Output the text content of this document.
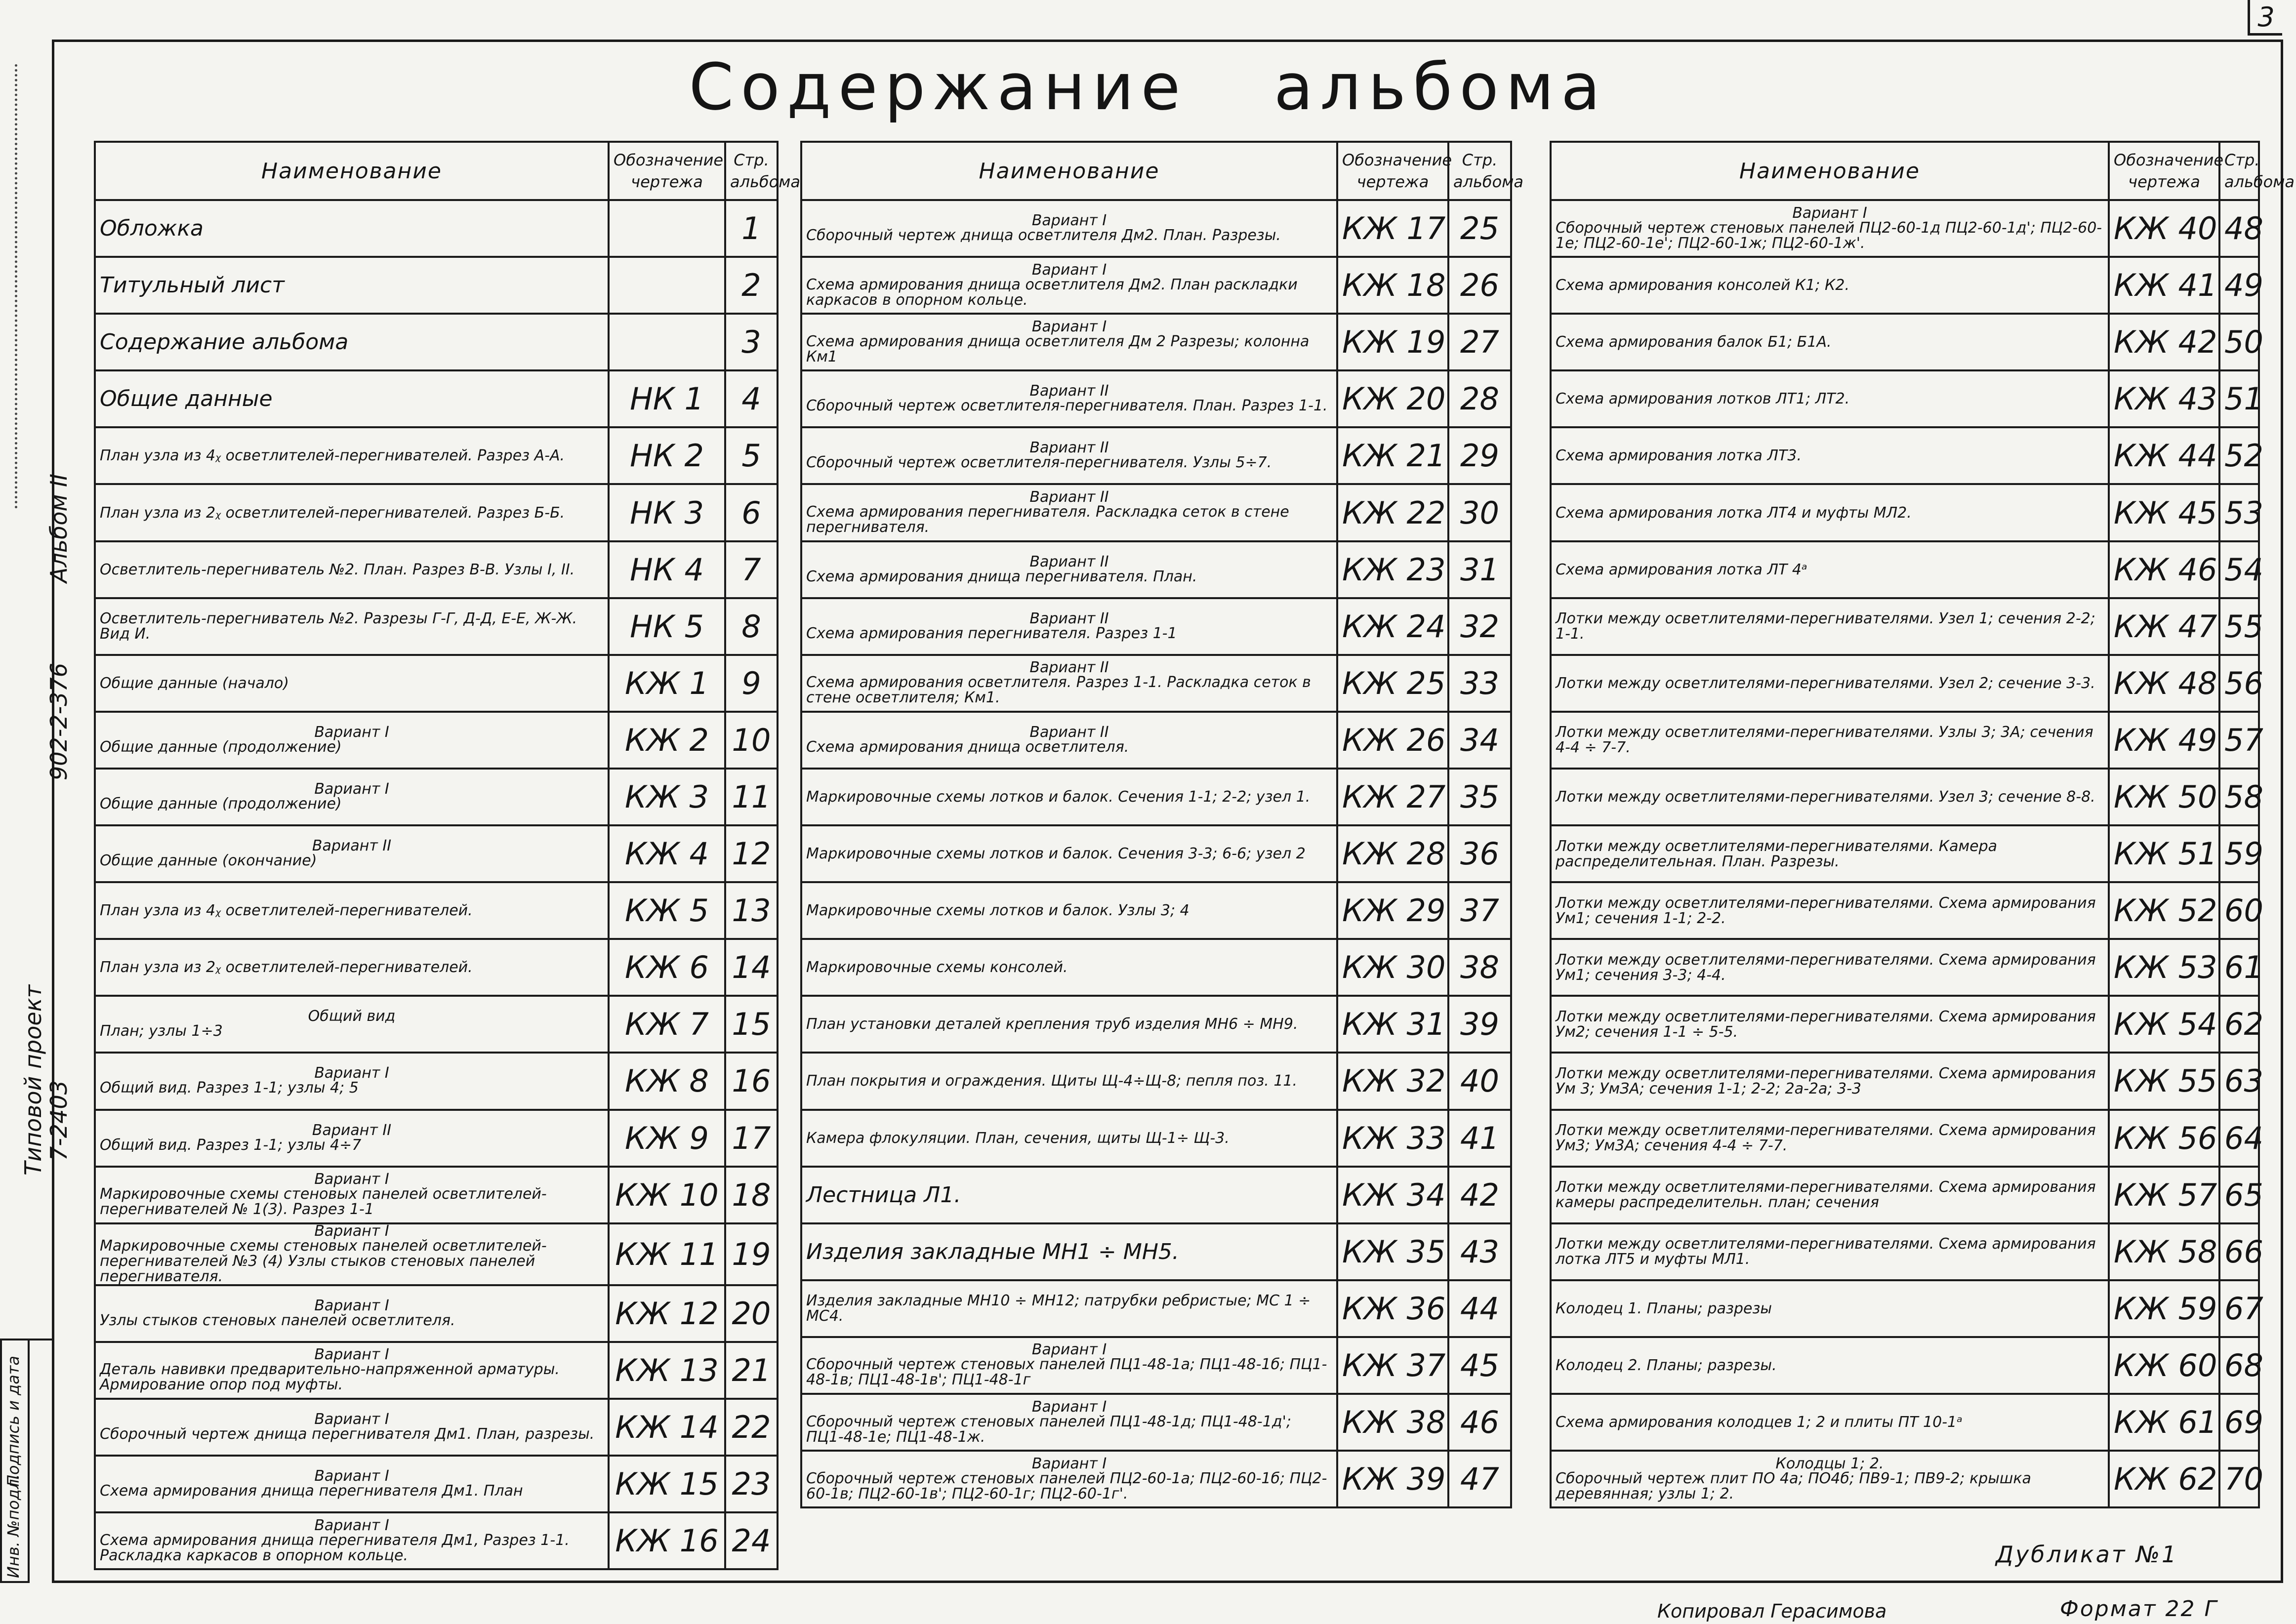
3
Содержание альбома
Альбом II
902-2-376
Типовой проект
7-2403
Инв. №подл.
Подпись и дата
Наименование	Обозначение чертежа	Стр. альбома

Обложка		1

Титульный лист		2

Содержание альбома		3

Общие данные	НК 1	4

План узла из 4ᵪ осветлителей-перегнивателей. Разрез А-А.	НК 2	5

План узла из 2ᵪ осветлителей-перегнивателей. Разрез Б-Б.	НК 3	6

Осветлитель-перегниватель №2. План. Разрез В-В. Узлы I, II.	НК 4	7

Осветлитель-перегниватель №2. Разрезы Г-Г, Д-Д, Е-Е, Ж-Ж. Вид И.	НК 5	8

Общие данные (начало)	КЖ 1	9

Вариант I
Общие данные (продолжение)	КЖ 2	10

Вариант I
Общие данные (продолжение)	КЖ 3	11

Вариант II
Общие данные (окончание)	КЖ 4	12

План узла из 4ᵪ осветлителей-перегнивателей.	КЖ 5	13

План узла из 2ᵪ осветлителей-перегнивателей.	КЖ 6	14

Общий вид
План; узлы 1÷3	КЖ 7	15

Вариант I
Общий вид. Разрез 1-1; узлы 4; 5	КЖ 8	16

Вариант II
Общий вид. Разрез 1-1; узлы 4÷7	КЖ 9	17

Вариант I
Маркировочные схемы стеновых панелей осветлителей-перегнивателей № 1(3). Разрез 1-1	КЖ 10	18

Вариант I
Маркировочные схемы стеновых панелей осветлителей-перегнивателей №3 (4) Узлы стыков стеновых панелей перегнивателя.	КЖ 11	19

Вариант I
Узлы стыков стеновых панелей осветлителя.	КЖ 12	20

Вариант I
Деталь навивки предварительно-напряженной арматуры. Армирование опор под муфты.	КЖ 13	21

Вариант I
Сборочный чертеж днища перегнивателя Дм1. План, разрезы.	КЖ 14	22

Вариант I
Схема армирования днища перегнивателя Дм1. План	КЖ 15	23

Вариант I
Схема армирования днища перегнивателя Дм1, Разрез 1-1. Раскладка каркасов в опорном кольце.	КЖ 16	24
Наименование	Обозначение чертежа	Стр. альбома

Вариант I
Сборочный чертеж днища осветлителя Дм2. План. Разрезы.	КЖ 17	25

Вариант I
Схема армирования днища осветлителя Дм2. План раскладки каркасов в опорном кольце.	КЖ 18	26

Вариант I
Схема армирования днища осветлителя Дм 2 Разрезы; колонна Км1	КЖ 19	27

Вариант II
Сборочный чертеж осветлителя-перегнивателя. План. Разрез 1-1.	КЖ 20	28

Вариант II
Сборочный чертеж осветлителя-перегнивателя. Узлы 5÷7.	КЖ 21	29

Вариант II
Схема армирования перегнивателя. Раскладка сеток в стене перегнивателя.	КЖ 22	30

Вариант II
Схема армирования днища перегнивателя. План.	КЖ 23	31

Вариант II
Схема армирования перегнивателя. Разрез 1-1	КЖ 24	32

Вариант II
Схема армирования осветлителя. Разрез 1-1. Раскладка сеток в стене осветлителя; Км1.	КЖ 25	33

Вариант II
Схема армирования днища осветлителя.	КЖ 26	34

Маркировочные схемы лотков и балок. Сечения 1-1; 2-2; узел 1.	КЖ 27	35

Маркировочные схемы лотков и балок. Сечения 3-3; 6-6; узел 2	КЖ 28	36

Маркировочные схемы лотков и балок. Узлы 3; 4	КЖ 29	37

Маркировочные схемы консолей.	КЖ 30	38

План установки деталей крепления труб изделия МН6 ÷ МН9.	КЖ 31	39

План покрытия и ограждения. Щиты Щ-4÷Щ-8; пепля поз. 11.	КЖ 32	40

Камера флокуляции. План, сечения, щиты Щ-1÷ Щ-3.	КЖ 33	41

Лестница Л1.	КЖ 34	42

Изделия закладные МН1 ÷ МН5.	КЖ 35	43

Изделия закладные МН10 ÷ МН12; патрубки ребристые; МС 1 ÷ МС4.	КЖ 36	44

Вариант I
Сборочный чертеж стеновых панелей ПЦ1-48-1а; ПЦ1-48-1б; ПЦ1-48-1в; ПЦ1-48-1в'; ПЦ1-48-1г	КЖ 37	45

Вариант I
Сборочный чертеж стеновых панелей ПЦ1-48-1д; ПЦ1-48-1д'; ПЦ1-48-1е; ПЦ1-48-1ж.	КЖ 38	46

Вариант I
Сборочный чертеж стеновых панелей ПЦ2-60-1а; ПЦ2-60-1б; ПЦ2-60-1в; ПЦ2-60-1в'; ПЦ2-60-1г; ПЦ2-60-1г'.	КЖ 39	47
Наименование	Обозначение чертежа	Стр. альбома

Вариант I
Сборочный чертеж стеновых панелей ПЦ2-60-1д ПЦ2-60-1д'; ПЦ2-60-1е; ПЦ2-60-1е'; ПЦ2-60-1ж; ПЦ2-60-1ж'.	КЖ 40	48

Схема армирования консолей К1; К2.	КЖ 41	49

Схема армирования балок Б1; Б1А.	КЖ 42	50

Схема армирования лотков ЛТ1; ЛТ2.	КЖ 43	51

Схема армирования лотка ЛТ3.	КЖ 44	52

Схема армирования лотка ЛТ4 и муфты МЛ2.	КЖ 45	53

Схема армирования лотка ЛТ 4ᵃ	КЖ 46	54

Лотки между осветлителями-перегнивателями. Узел 1; сечения 2-2; 1-1.	КЖ 47	55

Лотки между осветлителями-перегнивателями. Узел 2; сечение 3-3.	КЖ 48	56

Лотки между осветлителями-перегнивателями. Узлы 3; 3А; сечения 4-4 ÷ 7-7.	КЖ 49	57

Лотки между осветлителями-перегнивателями. Узел 3; сечение 8-8.	КЖ 50	58

Лотки между осветлителями-перегнивателями. Камера распределительная. План. Разрезы.	КЖ 51	59

Лотки между осветлителями-перегнивателями. Схема армирования Ум1; сечения 1-1; 2-2.	КЖ 52	60

Лотки между осветлителями-перегнивателями. Схема армирования Ум1; сечения 3-3; 4-4.	КЖ 53	61

Лотки между осветлителями-перегнивателями. Схема армирования Ум2; сечения 1-1 ÷ 5-5.	КЖ 54	62

Лотки между осветлителями-перегнивателями. Схема армирования Ум 3; УмЗА; сечения 1-1; 2-2; 2а-2а; 3-3	КЖ 55	63

Лотки между осветлителями-перегнивателями. Схема армирования Ум3; Ум3А; сечения 4-4 ÷ 7-7.	КЖ 56	64

Лотки между осветлителями-перегнивателями. Схема армирования камеры распределительн. план; сечения	КЖ 57	65

Лотки между осветлителями-перегнивателями. Схема армирования лотка ЛТ5 и муфты МЛ1.	КЖ 58	66

Колодец 1. Планы; разрезы	КЖ 59	67

Колодец 2. Планы; разрезы.	КЖ 60	68

Схема армирования колодцев 1; 2 и плиты ПТ 10-1ᵃ	КЖ 61	69

Колодцы 1; 2.
Сборочный чертеж плит ПО 4а; ПО4б; ПВ9-1; ПВ9-2; крышка деревянная; узлы 1; 2.	КЖ 62	70
Дубликат №1
Копировал Герасимова	Формат 22 Г
